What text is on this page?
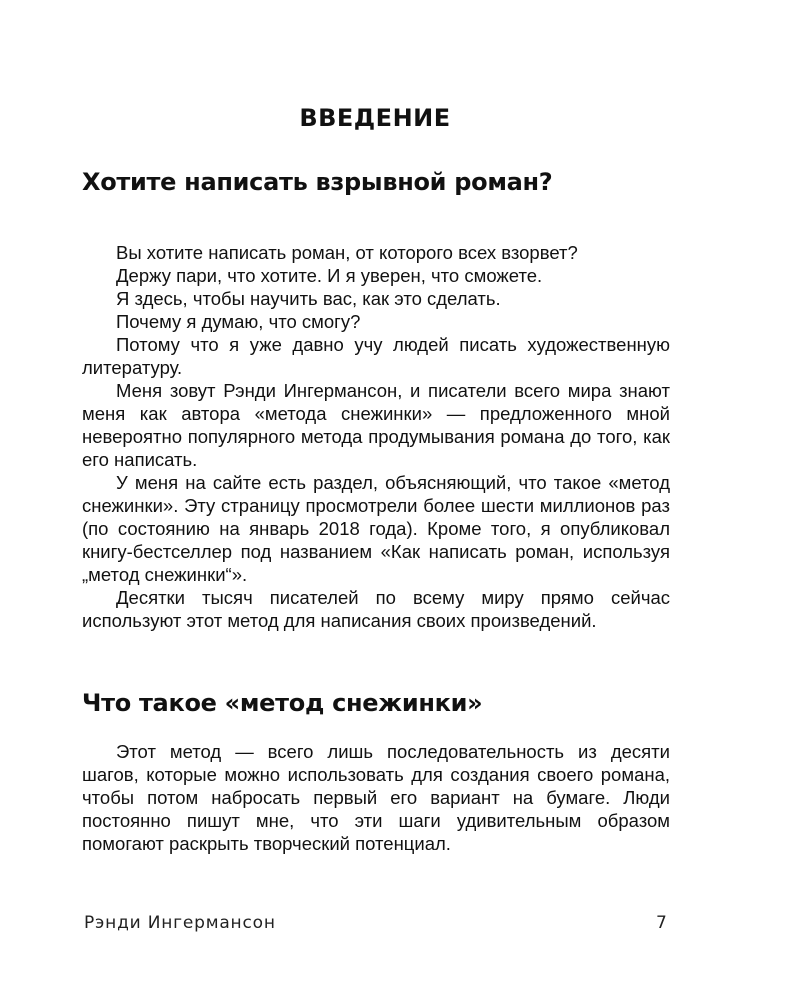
ВВЕДЕНИЕ
Хотите написать взрывной роман?

Вы хотите написать роман, от которого всех взорвет?

Держу пари, что хотите. И я уверен, что сможете.

Я здесь, чтобы научить вас, как это сделать.

Почему я думаю, что смогу?

Потому что я уже давно учу людей писать художественную литературу.

Меня зовут Рэнди Ингермансон, и писатели всего мира знают меня как автора «метода снежинки» — предложенного мной невероятно популярного метода продумывания романа до того, как его написать.

У меня на сайте есть раздел, объясняющий, что такое «метод снежинки». Эту страницу просмотрели более шести миллионов раз (по состоянию на январь 2018 года). Кроме того, я опубликовал книгу-бестселлер под названием «Как написать роман, используя „метод снежинки“».

Десятки тысяч писателей по всему миру прямо сейчас используют этот метод для написания своих произведений.

Что такое «метод снежинки»

Этот метод — всего лишь последовательность из десяти шагов, которые можно использовать для создания своего романа, чтобы потом набросать первый его вариант на бумаге. Люди постоянно пишут мне, что эти шаги удивительным образом помогают раскрыть творческий потенциал.

Рэнди Ингермансон	7
